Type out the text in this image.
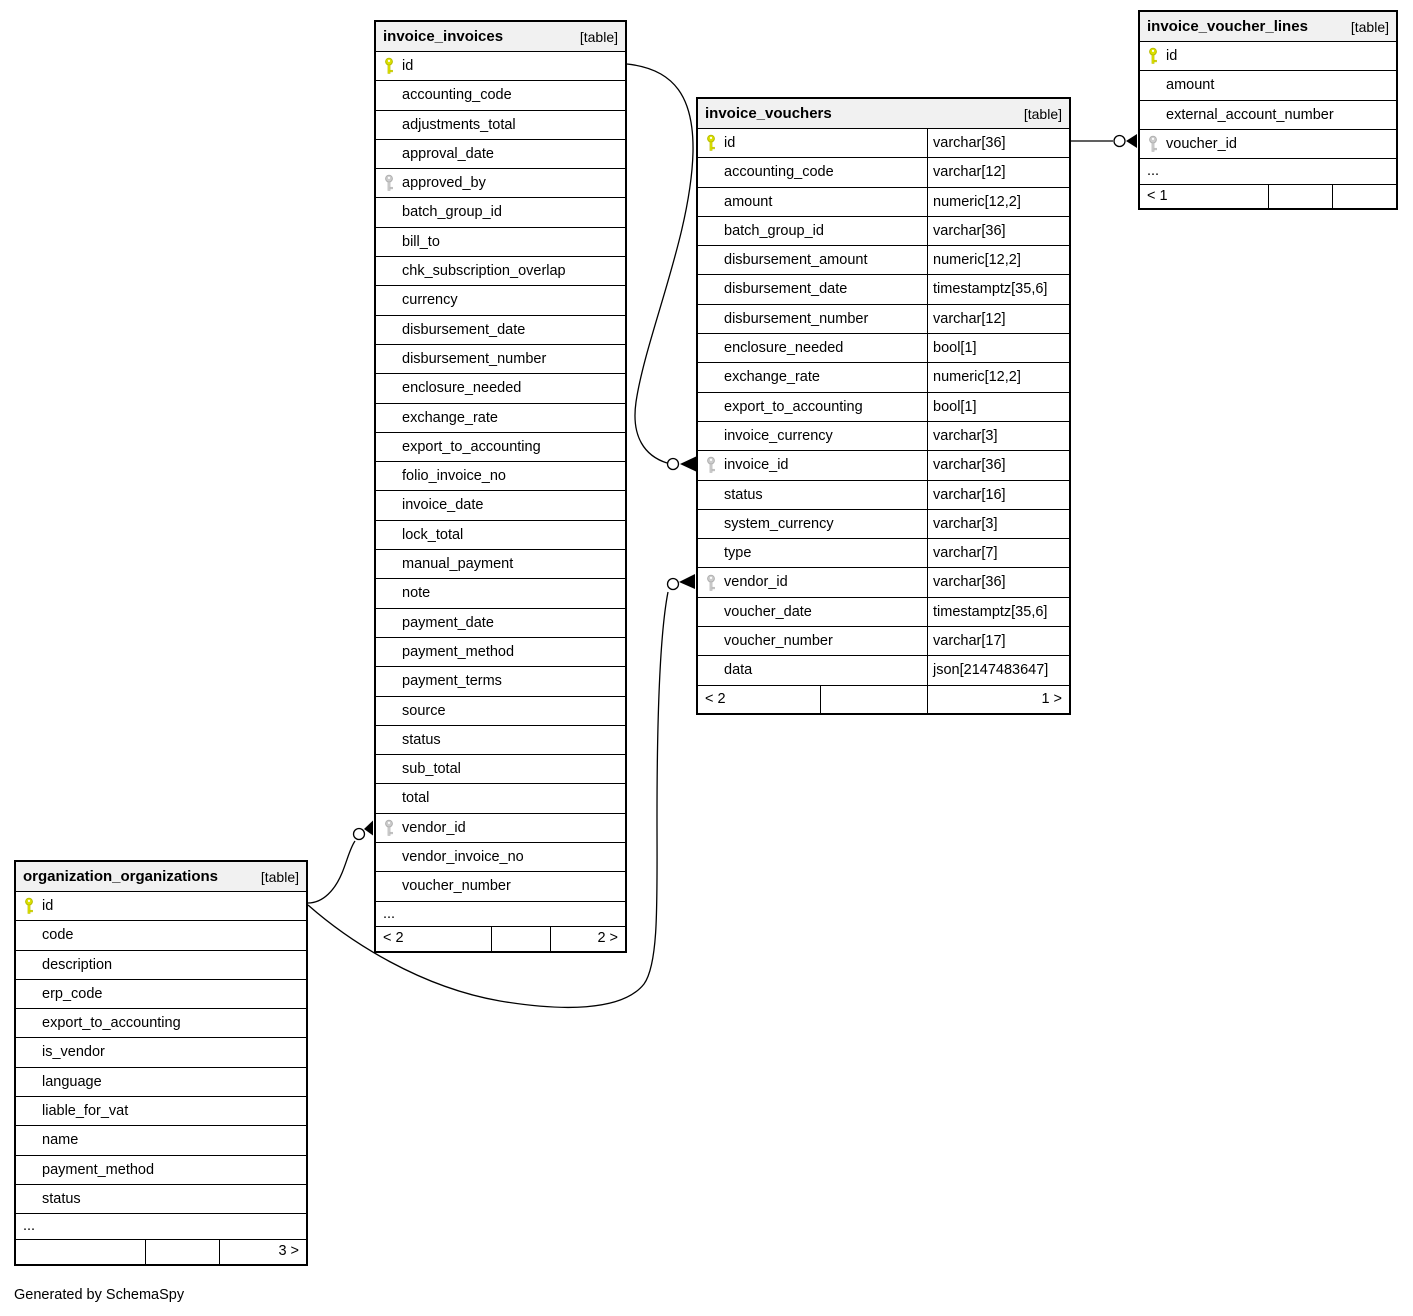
invoice_invoices	[table]
id
accounting_code
adjustments_total
approval_date
approved_by
batch_group_id
bill_to
chk_subscription_overlap
currency
disbursement_date
disbursement_number
enclosure_needed
exchange_rate
export_to_accounting
folio_invoice_no
invoice_date
lock_total
manual_payment
note
payment_date
payment_method
payment_terms
source
status
sub_total
total
vendor_id
vendor_invoice_no
voucher_number
...
< 2	2 >
invoice_vouchers	[table]
id	varchar[36]
accounting_code	varchar[12]
amount	numeric[12,2]
batch_group_id	varchar[36]
disbursement_amount	numeric[12,2]
disbursement_date	timestamptz[35,6]
disbursement_number	varchar[12]
enclosure_needed	bool[1]
exchange_rate	numeric[12,2]
export_to_accounting	bool[1]
invoice_currency	varchar[3]
invoice_id	varchar[36]
status	varchar[16]
system_currency	varchar[3]
type	varchar[7]
vendor_id	varchar[36]
voucher_date	timestamptz[35,6]
voucher_number	varchar[17]
data	json[2147483647]
< 2	1 >
invoice_voucher_lines	[table]
id
amount
external_account_number
voucher_id
...
< 1
organization_organizations	[table]
id
code
description
erp_code
export_to_accounting
is_vendor
language
liable_for_vat
name
payment_method
status
...
3 >
Generated by SchemaSpy
